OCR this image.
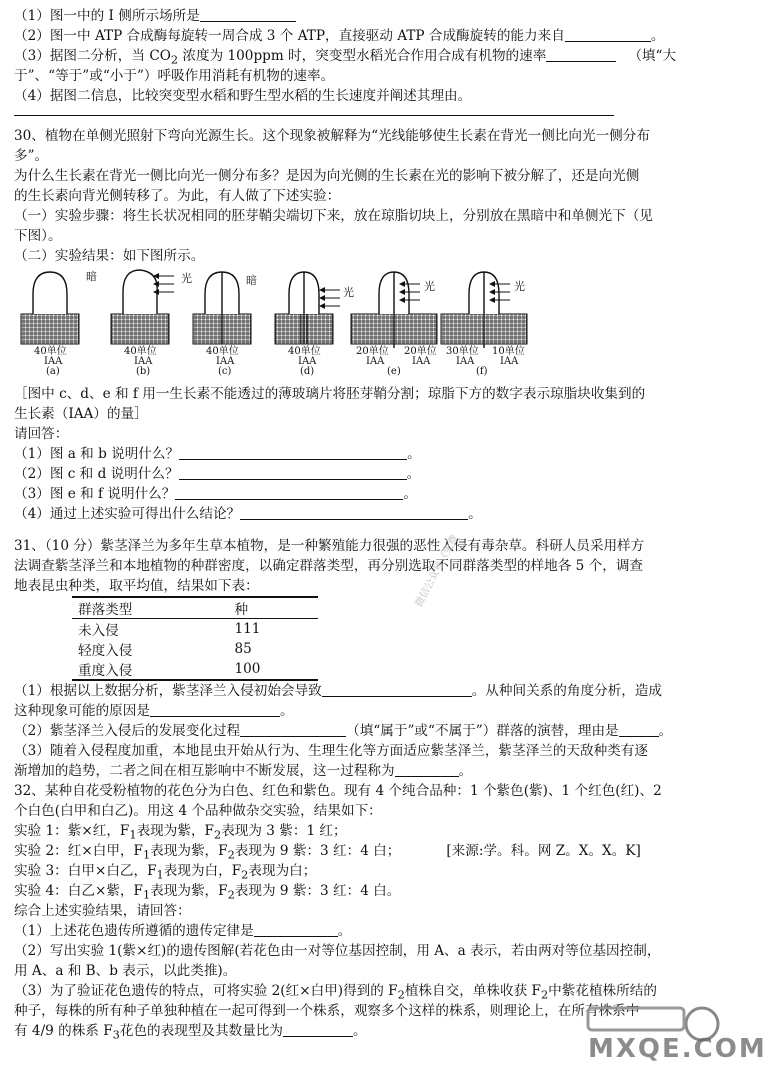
（1）图一中的 I 侧所示场所是
（2）图一中 ATP 合成酶每旋转一周合成 3 个 ATP，直接驱动 ATP 合成酶旋转的能力来自	。
（3）据图二分析，当 $CO_2$ 浓度为 100ppm 时，突变型水稻光合作用合成有机物的速率	（填“大
于”、“等于”或“小于”）呼吸作用消耗有机物的速率。
（4）据图二信息，比较突变型水稻和野生型水稻的生长速度并阐述其理由。
30、植物在单侧光照射下弯向光源生长。这个现象被解释为“光线能够使生长素在背光一侧比向光一侧分布
多”。
为什么生长素在背光一侧比向光一侧分布多？是因为向光侧的生长素在光的影响下被分解了，还是向光侧
的生长素向背光侧转移了。为此，有人做了下述实验：
（一）实验步骤：将生长状况相同的胚芽鞘尖端切下来，放在琼脂切块上，分别放在黑暗中和单侧光下（见
下图）。
（二）实验结果：如下图所示。
暗	暗
光
光	光	光
40单位
IAA
(a)
40单位
IAA
(b)
40单位
IAA
(c)
40单位
IAA
(d)
20单位 20单位
IAA	IAA
(e)
30单位 10单位
IAA	IAA
(f)
［图中 c、d、e 和 f 用一生长素不能透过的薄玻璃片将胚芽鞘分割；琼脂下方的数字表示琼脂块收集到的
生长素（IAA）的量］
请回答：
（1）图 a 和 b 说明什么？	。
（2）图 c 和 d 说明什么？	。
（3）图 e 和 f 说明什么？	。
（4）通过上述实验可得出什么结论？	。
31、（10 分）紫茎泽兰为多年生草本植物，是一种繁殖能力很强的恶性入侵有毒杂草。科研人员采用样方
法调查紫茎泽兰和本地植物的种群密度，以确定群落类型，再分别选取不同群落类型的样地各 5 个，调查
地表昆虫种类，取平均值，结果如下表：
群落类型	种
未入侵	111
轻度入侵	85
重度入侵	100
微信公众号《免费
（1）根据以上数据分析，紫茎泽兰入侵初始会导致	。从种间关系的角度分析，造成
这种现象可能的原因是	。
（2）紫茎泽兰入侵后的发展变化过程	（填“属于”或“不属于”）群落的演替，理由是	。
（3）随着入侵程度加重，本地昆虫开始从行为、生理生化等方面适应紫茎泽兰，紫茎泽兰的天敌种类有逐
渐增加的趋势，二者之间在相互影响中不断发展，这一过程称为	。
32、某种自花受粉植物的花色分为白色、红色和紫色。现有 4 个纯合品种：1 个紫色(紫)、1 个红色(红)、2
个白色(白甲和白乙)。用这 4 个品种做杂交实验，结果如下：
实验 1：紫×红，$F_1$表现为紫，$F_2$表现为 3 紫：1 红；
实验 2：红×白甲，$F_1$表现为紫，$F_2$表现为 9 紫：3 红：4 白；	[来源:学。科。网 Z。X。X。K]
实验 3：白甲×白乙，$F_1$表现为白，$F_2$表现为白；
实验 4：白乙×紫，$F_1$表现为紫，$F_2$表现为 9 紫：3 红：4 白。
综合上述实验结果，请回答：
（1）上述花色遗传所遵循的遗传定律是	。
（2）写出实验 1(紫×红)的遗传图解(若花色由一对等位基因控制，用 A、a 表示，若由两对等位基因控制，
用 A、a 和 B、b 表示，以此类推)。
（3）为了验证花色遗传的特点，可将实验 2(红×白甲)得到的 $F_2$植株自交，单株收获 $F_2$中紫花植株所结的
种子，每株的所有种子单独种植在一起可得到一个株系，观察多个这样的株系，则理论上，在所有株系中
有 4/9 的株系 $F_3$花色的表现型及其数量比为	。
MXQE.COM
